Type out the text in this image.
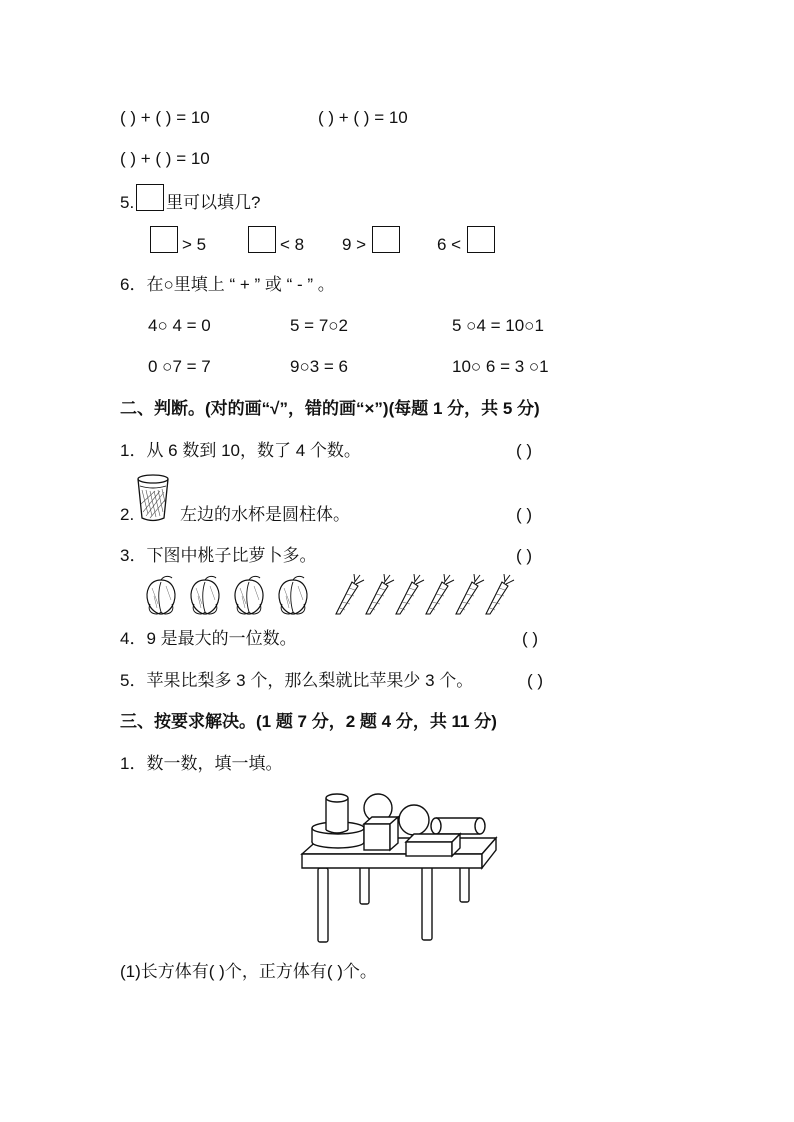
( ) + ( ) = 10	( ) + ( ) = 10
( ) + ( ) = 10
5. 里可以填几?
> 5	< 8 9 >	6 <
6．在○里填上 “ + ” 或 “ - ” 。
4○ 4 = 0	5 = 7○2	5 ○4 = 10○1
0 ○7 = 7	9○3 = 6	10○ 6 = 3 ○1
二、判断。(对的画“√”，错的画“×”)(每题 1 分，共 5 分)
1．从 6 数到 10，数了 4 个数。	( )
2.	左边的水杯是圆柱体。	( )
3．下图中桃子比萝卜多。	( )
4．9 是最大的一位数。	( )
5．苹果比梨多 3 个，那么梨就比苹果少 3 个。	( )
三、按要求解决。(1 题 7 分，2 题 4 分，共 11 分)
1．数一数，填一填。
(1)长方体有( )个，正方体有( )个。
